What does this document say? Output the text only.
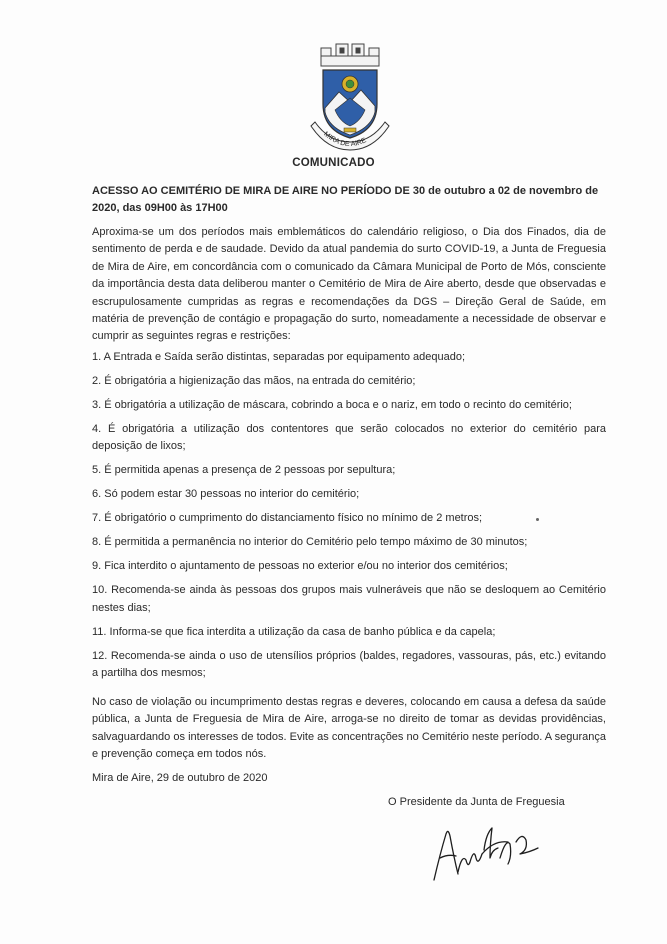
MIRA DE AIRE
COMUNICADO
ACESSO AO CEMITÉRIO DE MIRA DE AIRE NO PERÍODO DE 30 de outubro a 02 de novembro de 2020, das 09H00 às 17H00

Aproxima-se um dos períodos mais emblemáticos do calendário religioso, o Dia dos Finados, dia de sentimento de perda e de saudade. Devido da atual pandemia do surto COVID-19, a Junta de Freguesia de Mira de Aire, em concordância com o comunicado da Câmara Municipal de Porto de Mós, consciente da importância desta data deliberou manter o Cemitério de Mira de Aire aberto, desde que observadas e escrupulosamente cumpridas as regras e recomendações da DGS – Direção Geral de Saúde, em matéria de prevenção de contágio e propagação do surto, nomeadamente a necessidade de observar e cumprir as seguintes regras e restrições:

1. A Entrada e Saída serão distintas, separadas por equipamento adequado;
2. É obrigatória a higienização das mãos, na entrada do cemitério;
3. É obrigatória a utilização de máscara, cobrindo a boca e o nariz, em todo o recinto do cemitério;
4. É obrigatória a utilização dos contentores que serão colocados no exterior do cemitério para deposição de lixos;
5. É permitida apenas a presença de 2 pessoas por sepultura;
6. Só podem estar 30 pessoas no interior do cemitério;
7. É obrigatório o cumprimento do distanciamento físico no mínimo de 2 metros;
8. É permitida a permanência no interior do Cemitério pelo tempo máximo de 30 minutos;
9. Fica interdito o ajuntamento de pessoas no exterior e/ou no interior dos cemitérios;
10. Recomenda-se ainda às pessoas dos grupos mais vulneráveis que não se desloquem ao Cemitério nestes dias;
11. Informa-se que fica interdita a utilização da casa de banho pública e da capela;
12. Recomenda-se ainda o uso de utensílios próprios (baldes, regadores, vassouras, pás, etc.) evitando a partilha dos mesmos;

No caso de violação ou incumprimento destas regras e deveres, colocando em causa a defesa da saúde pública, a Junta de Freguesia de Mira de Aire, arroga-se no direito de tomar as devidas providências, salvaguardando os interesses de todos. Evite as concentrações no Cemitério neste período. A segurança e prevenção começa em todos nós.

Mira de Aire, 29 de outubro de 2020
O Presidente da Junta de Freguesia
